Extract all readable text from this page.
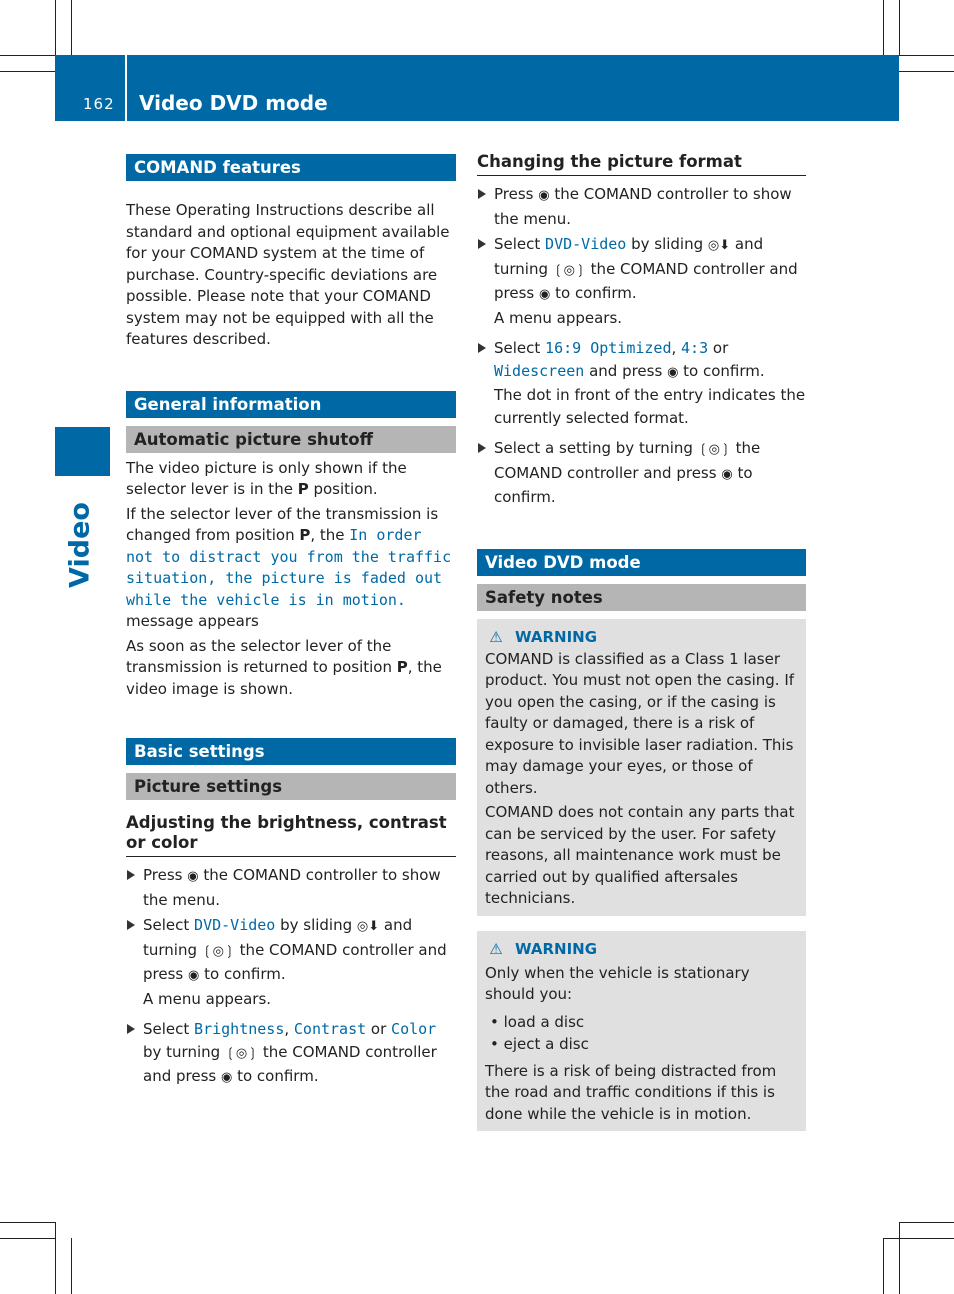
162 Video DVD mode
Video
COMAND features

These Operating Instructions describe all standard and optional equipment available for your COMAND system at the time of purchase. Country-specific deviations are possible. Please note that your COMAND system may not be equipped with all the features described.

General information
Automatic picture shutoff

The video picture is only shown if the selector lever is in the P position.

If the selector lever of the transmission is changed from position P, the In order not to distract you from the traffic situation, the picture is faded out while the vehicle is in motion. message appears

As soon as the selector lever of the transmission is returned to position P, the video image is shown.

Basic settings
Picture settings
Adjusting the brightness, contrast or color
Press ◉ the COMAND controller to show the menu.
Select DVD-Video by sliding ◎⬇ and turning ❲◎❳ the COMAND controller and press ◉ to confirm.
A menu appears.
Select Brightness, Contrast or Color by turning ❲◎❳ the COMAND controller and press ◉ to confirm.
Changing the picture format
Press ◉ the COMAND controller to show the menu.
Select DVD-Video by sliding ◎⬇ and turning ❲◎❳ the COMAND controller and press ◉ to confirm.
A menu appears.
Select 16:9 Optimized, 4:3 or Widescreen and press ◉ to confirm.
The dot in front of the entry indicates the currently selected format.
Select a setting by turning ❲◎❳ the COMAND controller and press ◉ to confirm.
Video DVD mode
Safety notes
⚠ WARNING

COMAND is classified as a Class 1 laser product. You must not open the casing. If you open the casing, or if the casing is faulty or damaged, there is a risk of exposure to invisible laser radiation. This may damage your eyes, or those of others.

COMAND does not contain any parts that can be serviced by the user. For safety reasons, all maintenance work must be carried out by qualified aftersales technicians.

⚠ WARNING

Only when the vehicle is stationary should you:

• load a disc

• eject a disc

There is a risk of being distracted from the road and traffic conditions if this is done while the vehicle is in motion.
